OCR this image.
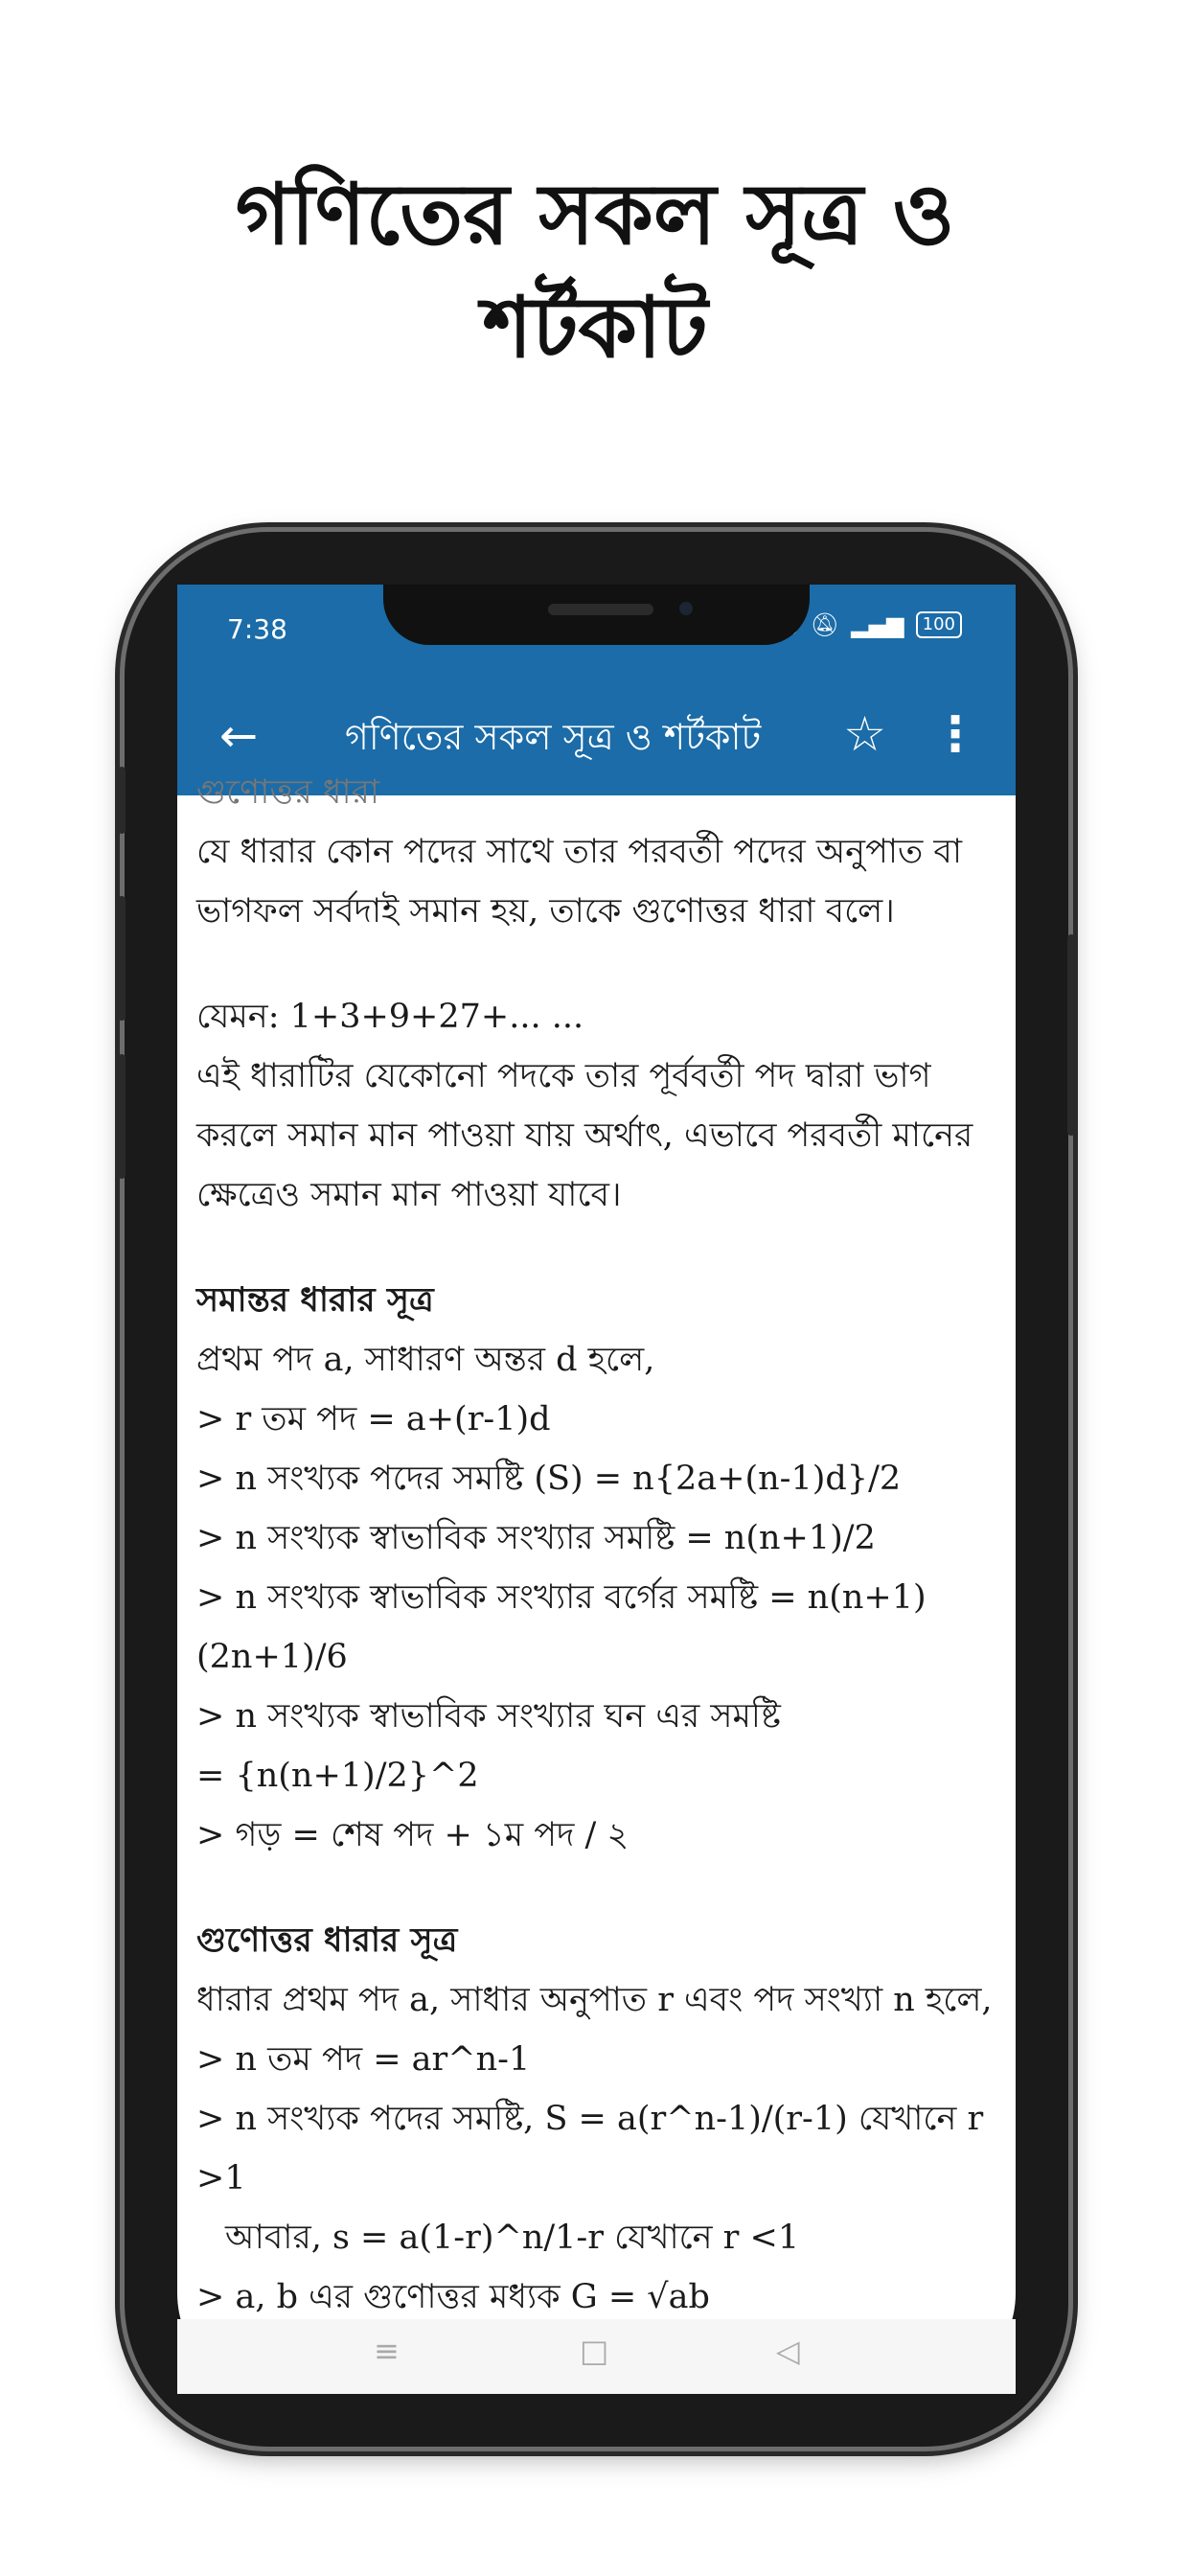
গণিতের সকল সূত্র ও
শর্টকাট
7:38	🔕︎ ▂▄▆	100
← গণিতের সকল সূত্র ও শর্টকাট ☆ ⋮
গুণোত্তর ধারা
যে ধারার কোন পদের সাথে তার পরবর্তী পদের অনুপাত বা
ভাগফল সর্বদাই সমান হয়, তাকে গুণোত্তর ধারা বলে।
যেমন: 1+3+9+27+... ...
এই ধারাটির যেকোনো পদকে তার পূর্ববর্তী পদ দ্বারা ভাগ
করলে সমান মান পাওয়া যায় অর্থাৎ, এভাবে পরবর্তী মানের
ক্ষেত্রেও সমান মান পাওয়া যাবে।
সমান্তর ধারার সূত্র
প্রথম পদ a, সাধারণ অন্তর d হলে,
> r তম পদ = a+(r-1)d
> n সংখ্যক পদের সমষ্টি (S) = n{2a+(n-1)d}/2
> n সংখ্যক স্বাভাবিক সংখ্যার সমষ্টি = n(n+1)/2
> n সংখ্যক স্বাভাবিক সংখ্যার বর্গের সমষ্টি = n(n+1)
(2n+1)/6
> n সংখ্যক স্বাভাবিক সংখ্যার ঘন এর সমষ্টি
= {n(n+1)/2}^2
> গড় = শেষ পদ + ১ম পদ / ২
গুণোত্তর ধারার সূত্র
ধারার প্রথম পদ a, সাধার অনুপাত r এবং পদ সংখ্যা n হলে,
> n তম পদ = ar^n-1
> n সংখ্যক পদের সমষ্টি, S = a(r^n-1)/(r-1) যেখানে r
>1
আবার, s = a(1-r)^n/1-r যেখানে r <1
> a, b এর গুণোত্তর মধ্যক G = √ab
≡	□	◁
